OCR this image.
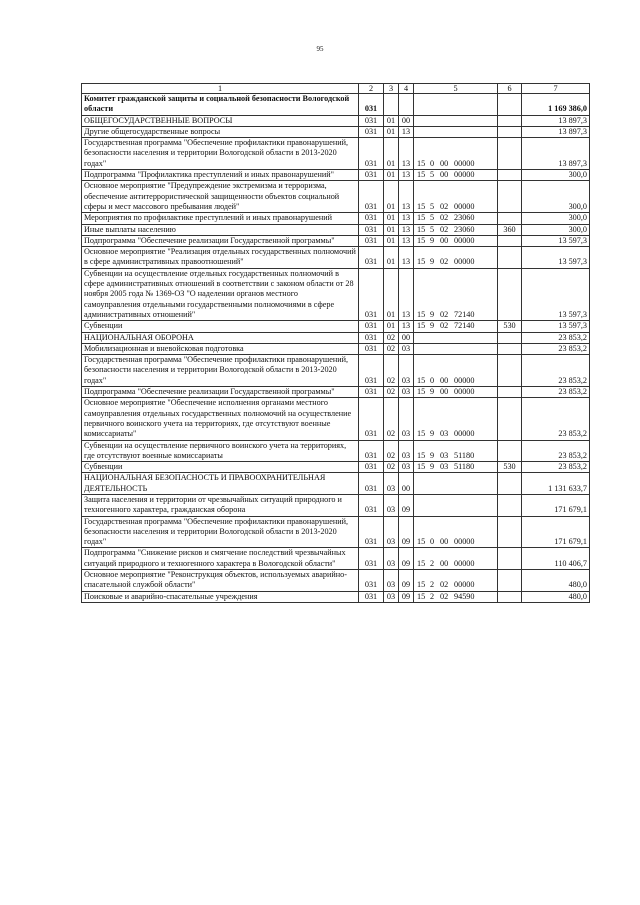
95
1	2	3	4	5	6	7
Комитет гражданской защиты и социальной безопасности Вологодской области	031					1 169 386,0
ОБЩЕГОСУДАРСТВЕННЫЕ ВОПРОСЫ	031	01	00			13 897,3
Другие общегосударственные вопросы	031	01	13			13 897,3
Государственная программа "Обеспечение профилактики правонарушений, безопасности населения и территории Вологодской области в 2013-2020 годах"	031	01	13	15 0 00 00000		13 897,3
Подпрограмма "Профилактика преступлений и иных правонарушений"	031	01	13	15 5 00 00000		300,0
Основное мероприятие "Предупреждение экстремизма и терроризма, обеспечение антитеррористической защищенности объектов социальной сферы и мест массового пребывания людей"	031	01	13	15 5 02 00000		300,0
Мероприятия по профилактике преступлений и иных правонарушений	031	01	13	15 5 02 23060		300,0
Иные выплаты населению	031	01	13	15 5 02 23060	360	300,0
Подпрограмма "Обеспечение реализации Государственной программы"	031	01	13	15 9 00 00000		13 597,3
Основное мероприятие "Реализация отдельных государственных полномочий в сфере административных правоотношений"	031	01	13	15 9 02 00000		13 597,3
Субвенции на осуществление отдельных государственных полномочий в сфере административных отношений в соответствии с законом области от 28 ноября 2005 года № 1369-ОЗ "О наделении органов местного самоуправления отдельными государственными полномочиями в сфере административных отношений"	031	01	13	15 9 02 72140		13 597,3
Субвенции	031	01	13	15 9 02 72140	530	13 597,3
НАЦИОНАЛЬНАЯ ОБОРОНА	031	02	00			23 853,2
Мобилизационная и вневойсковая подготовка	031	02	03			23 853,2
Государственная программа "Обеспечение профилактики правонарушений, безопасности населения и территории Вологодской области в 2013-2020 годах"	031	02	03	15 0 00 00000		23 853,2
Подпрограмма "Обеспечение реализации Государственной программы"	031	02	03	15 9 00 00000		23 853,2
Основное мероприятие "Обеспечение исполнения органами местного самоуправления отдельных государственных полномочий на осуществление первичного воинского учета на территориях, где отсутствуют военные комиссариаты"	031	02	03	15 9 03 00000		23 853,2
Субвенции на осуществление первичного воинского учета на территориях, где отсутствуют военные комиссариаты	031	02	03	15 9 03 51180		23 853,2
Субвенции	031	02	03	15 9 03 51180	530	23 853,2
НАЦИОНАЛЬНАЯ БЕЗОПАСНОСТЬ И ПРАВООХРАНИТЕЛЬНАЯ ДЕЯТЕЛЬНОСТЬ	031	03	00			1 131 633,7
Защита населения и территории от чрезвычайных ситуаций природного и техногенного характера, гражданская оборона	031	03	09			171 679,1
Государственная программа "Обеспечение профилактики правонарушений, безопасности населения и территории Вологодской области в 2013-2020 годах"	031	03	09	15 0 00 00000		171 679,1
Подпрограмма "Снижение рисков и смягчение последствий чрезвычайных ситуаций природного и техногенного характера в Вологодской области"	031	03	09	15 2 00 00000		110 406,7
Основное мероприятие "Реконструкция объектов, используемых аварийно-спасательной службой области"	031	03	09	15 2 02 00000		480,0
Поисковые и аварийно-спасательные учреждения	031	03	09	15 2 02 94590		480,0
